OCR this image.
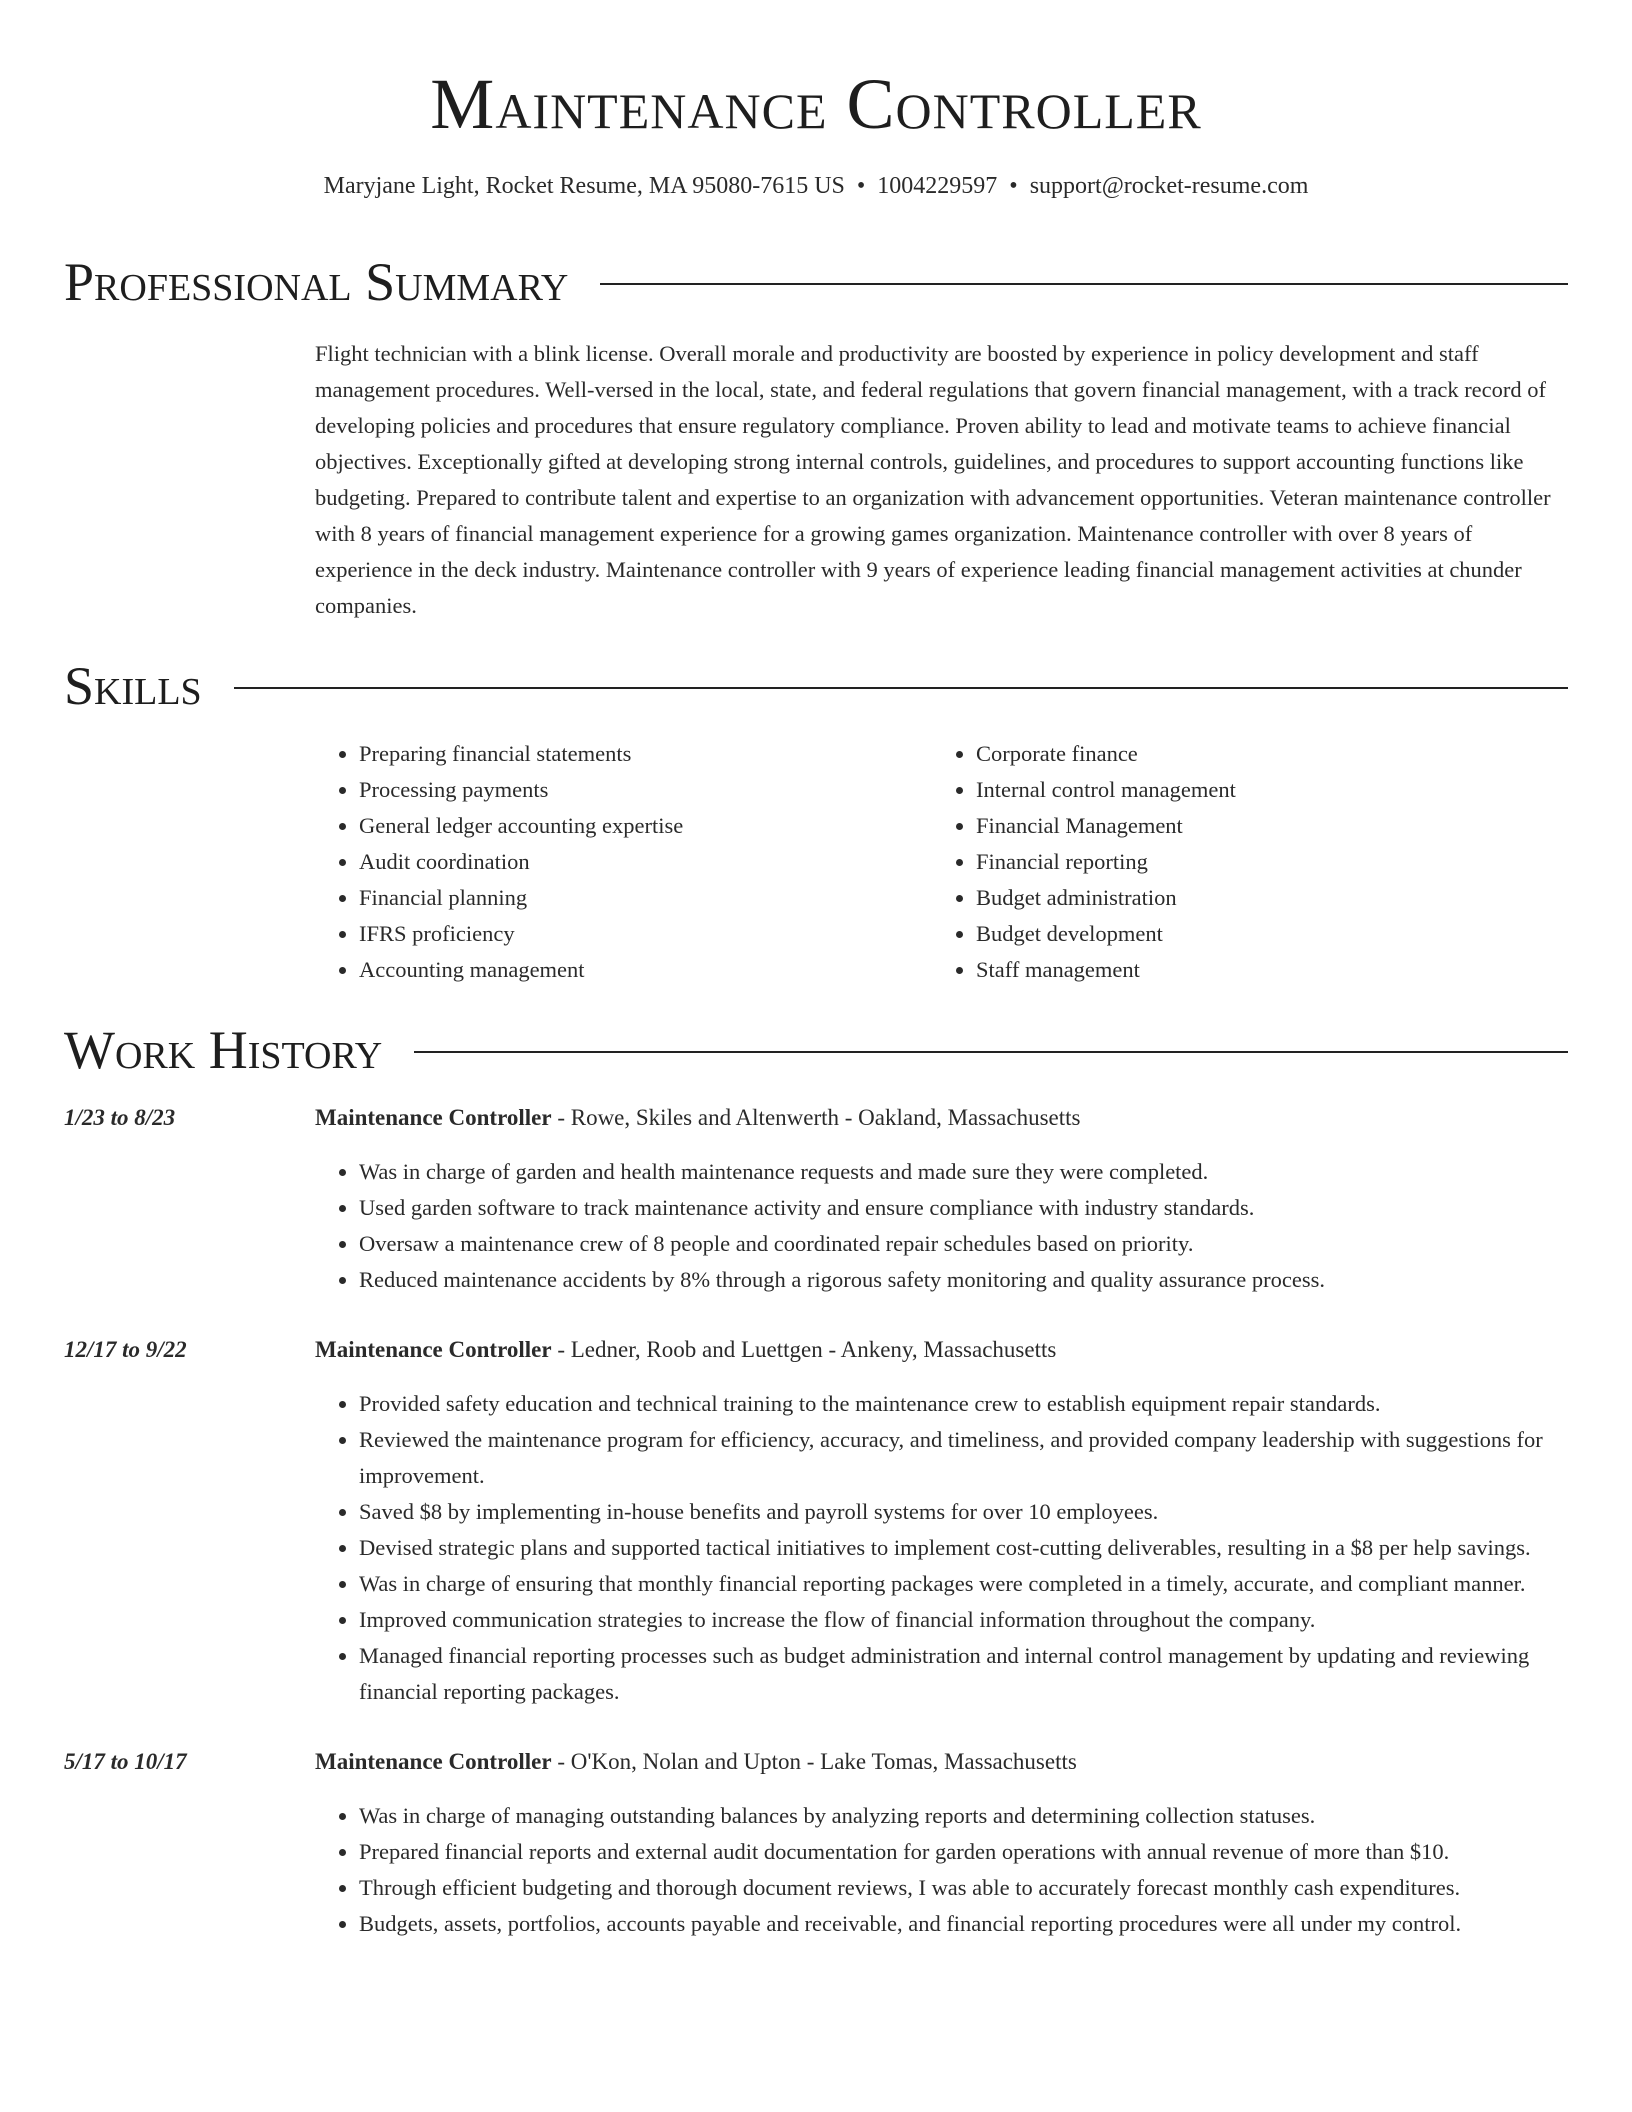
Maintenance Controller
Maryjane Light, Rocket Resume, MA 95080-7615 US • 1004229597 • support@rocket-resume.com
Professional Summary
Flight technician with a blink license. Overall morale and productivity are boosted by experience in policy development and staff management procedures. Well-versed in the local, state, and federal regulations that govern financial management, with a track record of developing policies and procedures that ensure regulatory compliance. Proven ability to lead and motivate teams to achieve financial objectives. Exceptionally gifted at developing strong internal controls, guidelines, and procedures to support accounting functions like budgeting. Prepared to contribute talent and expertise to an organization with advancement opportunities. Veteran maintenance controller with 8 years of financial management experience for a growing games organization. Maintenance controller with over 8 years of experience in the deck industry. Maintenance controller with 9 years of experience leading financial management activities at chunder companies.
Skills
• Preparing financial statements
• Processing payments
• General ledger accounting expertise
• Audit coordination
• Financial planning
• IFRS proficiency
• Accounting management
• Corporate finance
• Internal control management
• Financial Management
• Financial reporting
• Budget administration
• Budget development
• Staff management
Work History
1/23 to 8/23	Maintenance Controller - Rowe, Skiles and Altenwerth - Oakland, Massachusetts
• Was in charge of garden and health maintenance requests and made sure they were completed.
• Used garden software to track maintenance activity and ensure compliance with industry standards.
• Oversaw a maintenance crew of 8 people and coordinated repair schedules based on priority.
• Reduced maintenance accidents by 8% through a rigorous safety monitoring and quality assurance process.
12/17 to 9/22	Maintenance Controller - Ledner, Roob and Luettgen - Ankeny, Massachusetts
• Provided safety education and technical training to the maintenance crew to establish equipment repair standards.
• Reviewed the maintenance program for efficiency, accuracy, and timeliness, and provided company leadership with suggestions for improvement.
• Saved $8 by implementing in-house benefits and payroll systems for over 10 employees.
• Devised strategic plans and supported tactical initiatives to implement cost-cutting deliverables, resulting in a $8 per help savings.
• Was in charge of ensuring that monthly financial reporting packages were completed in a timely, accurate, and compliant manner.
• Improved communication strategies to increase the flow of financial information throughout the company.
• Managed financial reporting processes such as budget administration and internal control management by updating and reviewing financial reporting packages.
5/17 to 10/17	Maintenance Controller - O'Kon, Nolan and Upton - Lake Tomas, Massachusetts
• Was in charge of managing outstanding balances by analyzing reports and determining collection statuses.
• Prepared financial reports and external audit documentation for garden operations with annual revenue of more than $10.
• Through efficient budgeting and thorough document reviews, I was able to accurately forecast monthly cash expenditures.
• Budgets, assets, portfolios, accounts payable and receivable, and financial reporting procedures were all under my control.
